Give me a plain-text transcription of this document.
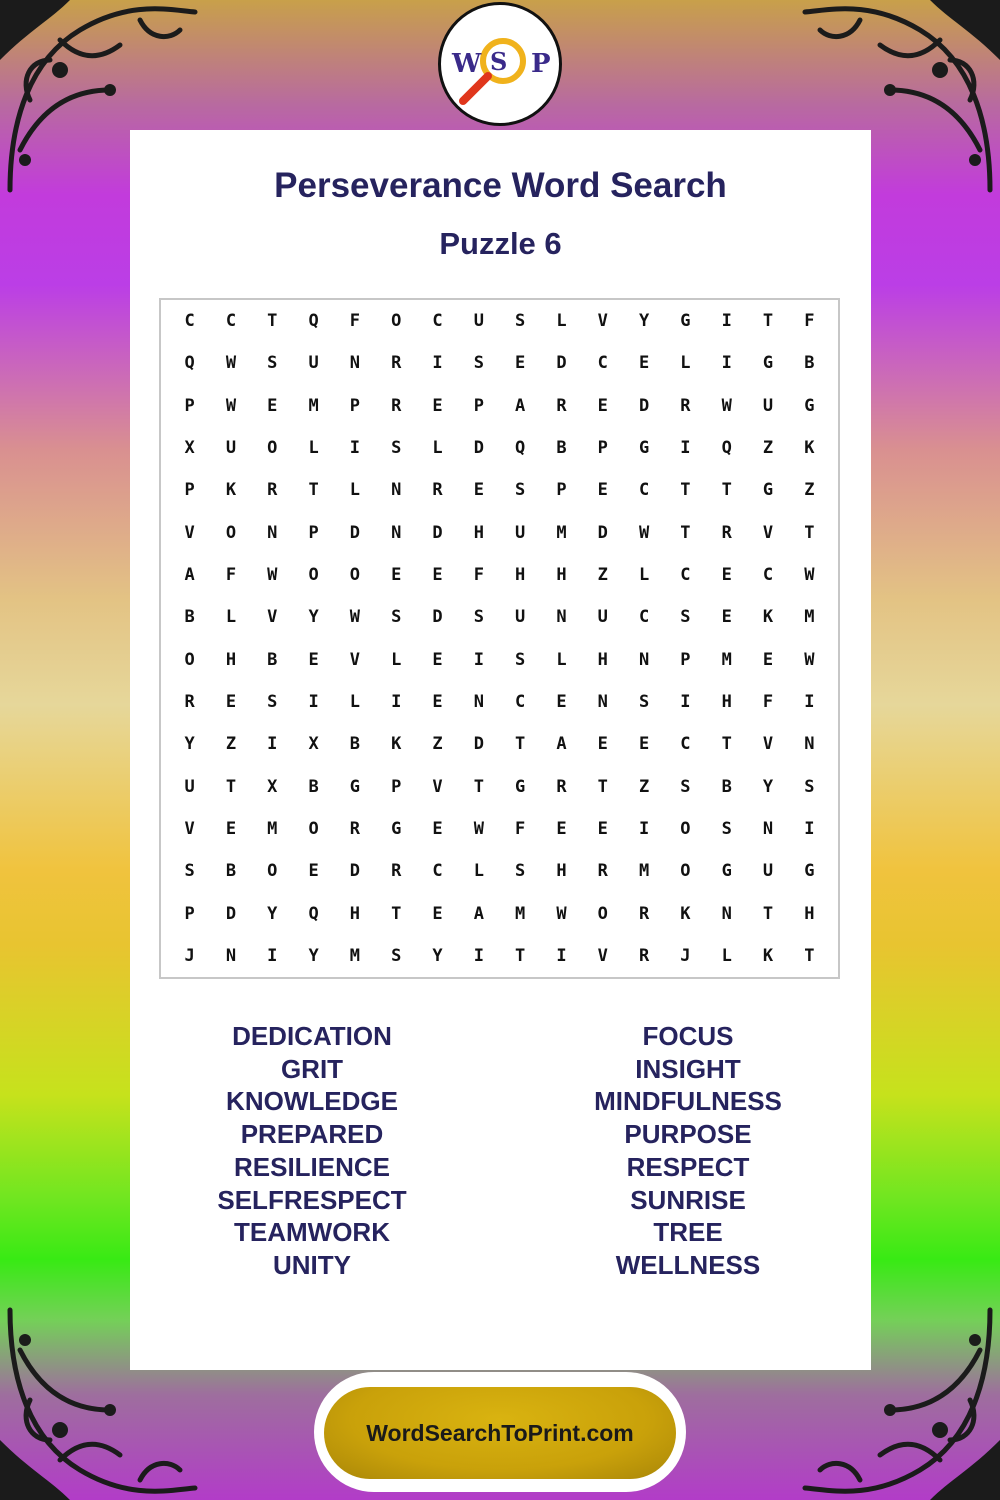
W S P
Perseverance Word Search
Puzzle 6
C	C	T	Q	F	O	C	U	S	L	V	Y	G	I	T	F
Q	W	S	U	N	R	I	S	E	D	C	E	L	I	G	B
P	W	E	M	P	R	E	P	A	R	E	D	R	W	U	G
X	U	O	L	I	S	L	D	Q	B	P	G	I	Q	Z	K
P	K	R	T	L	N	R	E	S	P	E	C	T	T	G	Z
V	O	N	P	D	N	D	H	U	M	D	W	T	R	V	T
A	F	W	O	O	E	E	F	H	H	Z	L	C	E	C	W
B	L	V	Y	W	S	D	S	U	N	U	C	S	E	K	M
O	H	B	E	V	L	E	I	S	L	H	N	P	M	E	W
R	E	S	I	L	I	E	N	C	E	N	S	I	H	F	I
Y	Z	I	X	B	K	Z	D	T	A	E	E	C	T	V	N
U	T	X	B	G	P	V	T	G	R	T	Z	S	B	Y	S
V	E	M	O	R	G	E	W	F	E	E	I	O	S	N	I
S	B	O	E	D	R	C	L	S	H	R	M	O	G	U	G
P	D	Y	Q	H	T	E	A	M	W	O	R	K	N	T	H
J	N	I	Y	M	S	Y	I	T	I	V	R	J	L	K	T
DEDICATION
GRIT
KNOWLEDGE
PREPARED
RESILIENCE
SELFRESPECT
TEAMWORK
UNITY
FOCUS
INSIGHT
MINDFULNESS
PURPOSE
RESPECT
SUNRISE
TREE
WELLNESS
WordSearchToPrint.com
